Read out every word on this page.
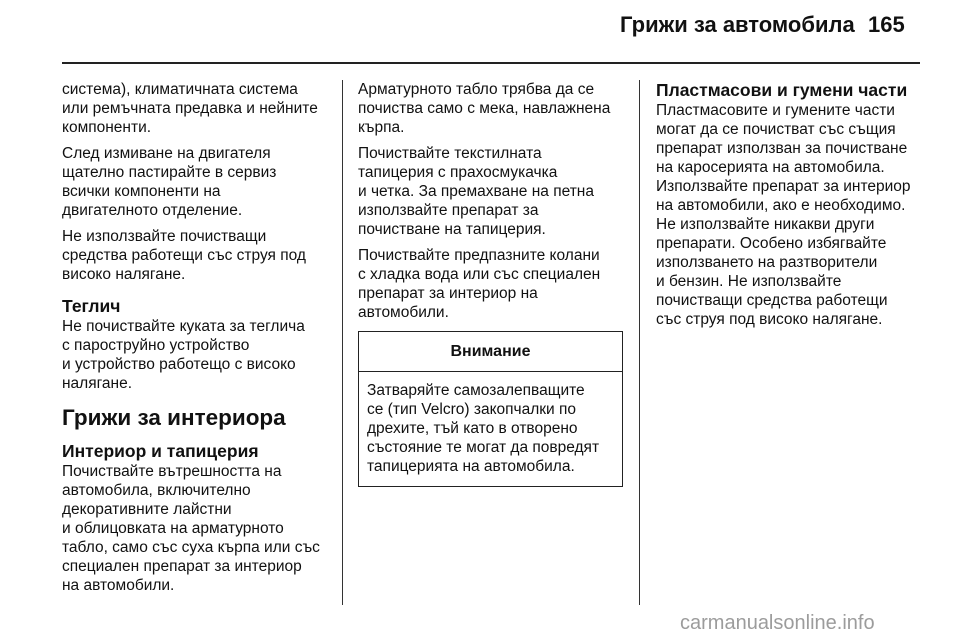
Грижи за автомобила 165

система), климатичната система
или ремъчната предавка и нейните
компоненти.

След измиване на двигателя
щателно пастирайте в сервиз
всички компоненти на
двигателното отделение.

Не използвайте почистващи
средства работещи със струя под
високо налягане.

Теглич

Не почиствайте куката за теглича
с пароструйно устройство
и устройство работещо с високо
налягане.

Грижи за интериора
Интериор и тапицерия

Почиствайте вътрешността на
автомобила, включително
декоративните лайстни
и облицовката на арматурното
табло, само със суха кърпа или със
специален препарат за интериор
на автомобили.

Арматурното табло трябва да се
почиства само с мека, навлажнена
кърпа.

Почиствайте текстилната
тапицерия с прахосмукачка
и четка. За премахване на петна
използвайте препарат за
почистване на тапицерия.

Почиствайте предпазните колани
с хладка вода или със специален
препарат за интериор на
автомобили.

Внимание
Затваряйте самозалепващите
се (тип Velcro) закопчалки по
дрехите, тъй като в отворено
състояние те могат да повредят
тапицерията на автомобила.
Пластмасови и гумени части

Пластмасовите и гумените части
могат да се почистват със същия
препарат използван за почистване
на каросерията на автомобила.
Използвайте препарат за интериор
на автомобили, ако е необходимо.
Не използвайте никакви други
препарати. Особено избягвайте
използването на разтворители
и бензин. Не използвайте
почистващи средства работещи
със струя под високо налягане.

carmanualsonline.info
